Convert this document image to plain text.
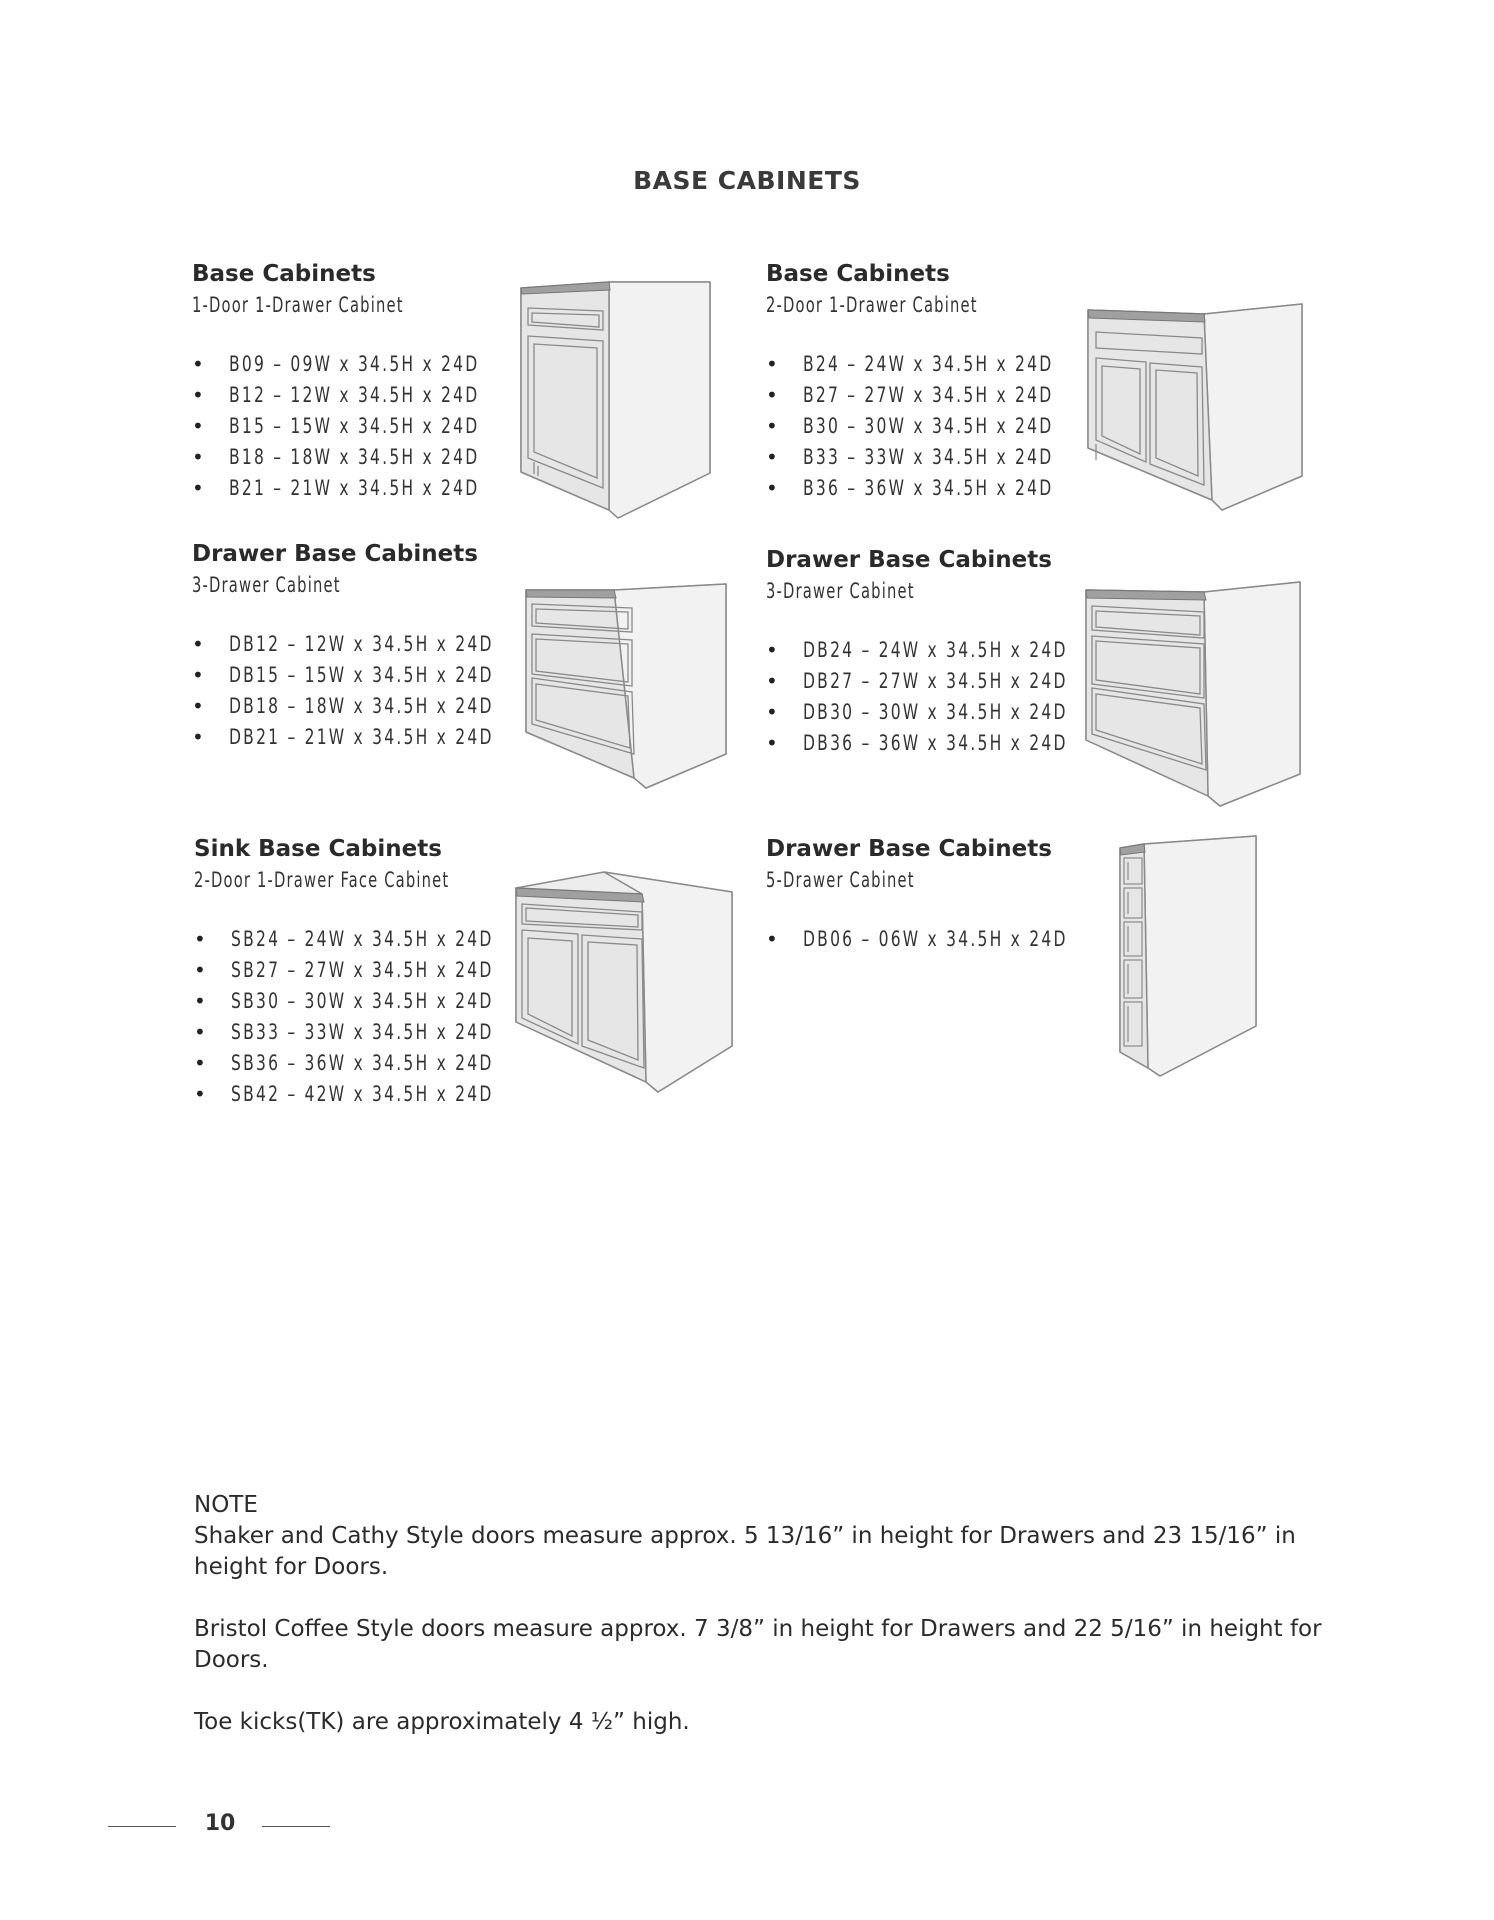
BASE CABINETS
Base Cabinets
1-Door 1-Drawer Cabinet
• B09 – 09W x 34.5H x 24D
• B12 – 12W x 34.5H x 24D
• B15 – 15W x 34.5H x 24D
• B18 – 18W x 34.5H x 24D
• B21 – 21W x 34.5H x 24D
Base Cabinets
2-Door 1-Drawer Cabinet
• B24 – 24W x 34.5H x 24D
• B27 – 27W x 34.5H x 24D
• B30 – 30W x 34.5H x 24D
• B33 – 33W x 34.5H x 24D
• B36 – 36W x 34.5H x 24D
Drawer Base Cabinets
3-Drawer Cabinet
• DB12 – 12W x 34.5H x 24D
• DB15 – 15W x 34.5H x 24D
• DB18 – 18W x 34.5H x 24D
• DB21 – 21W x 34.5H x 24D
Drawer Base Cabinets
3-Drawer Cabinet
• DB24 – 24W x 34.5H x 24D
• DB27 – 27W x 34.5H x 24D
• DB30 – 30W x 34.5H x 24D
• DB36 – 36W x 34.5H x 24D
Sink Base Cabinets
2-Door 1-Drawer Face Cabinet
• SB24 – 24W x 34.5H x 24D
• SB27 – 27W x 34.5H x 24D
• SB30 – 30W x 34.5H x 24D
• SB33 – 33W x 34.5H x 24D
• SB36 – 36W x 34.5H x 24D
• SB42 – 42W x 34.5H x 24D
Drawer Base Cabinets
5-Drawer Cabinet
• DB06 – 06W x 34.5H x 24D

NOTE

Shaker and Cathy Style doors measure approx. 5 13/16” in height for Drawers and 23 15/16” in height for Doors.

Bristol Coffee Style doors measure approx. 7 3/8” in height for Drawers and 22 5/16” in height for Doors.

Toe kicks(TK) are approximately 4 ½” high.

10
